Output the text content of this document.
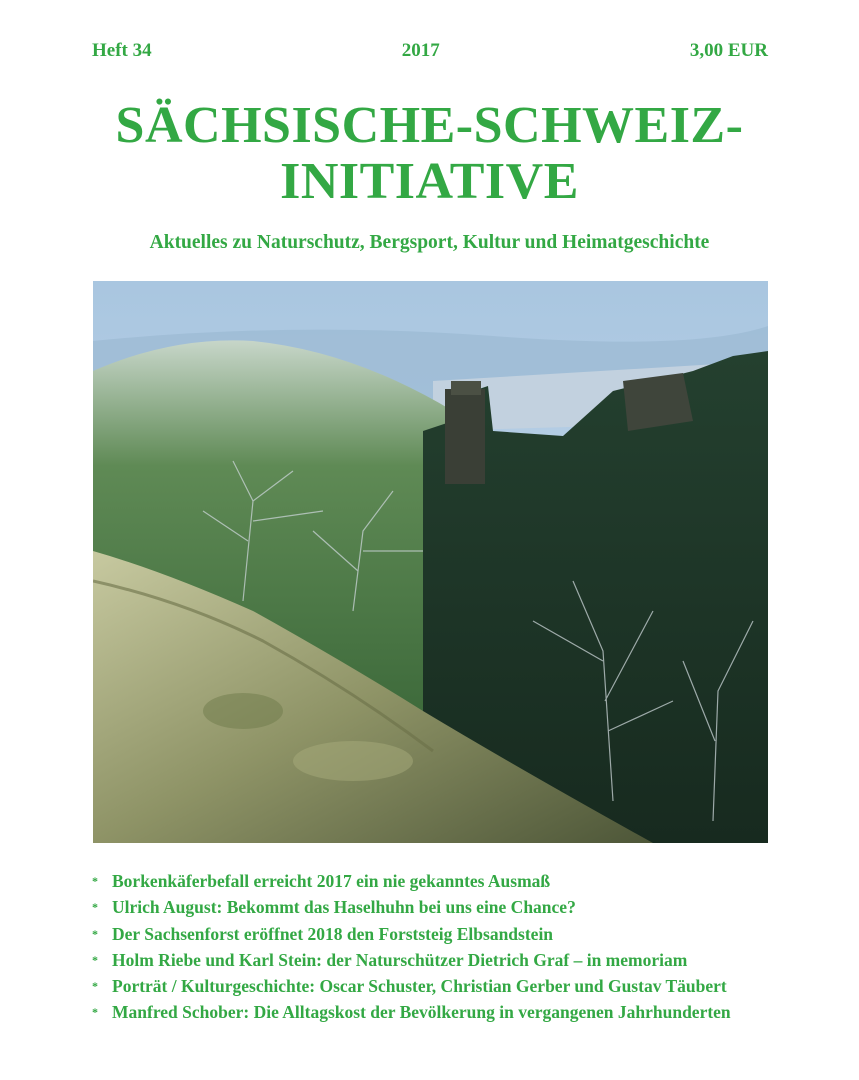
Heft 34	2017	3,00 EUR
SÄCHSISCHE-SCHWEIZ-
INITIATIVE
Aktuelles zu Naturschutz, Bergsport, Kultur und Heimatgeschichte
* Borkenkäferbefall erreicht 2017 ein nie gekanntes Ausmaß
* Ulrich August: Bekommt das Haselhuhn bei uns eine Chance?
* Der Sachsenforst eröffnet 2018 den Forststeig Elbsandstein
* Holm Riebe und Karl Stein: der Naturschützer Dietrich Graf – in memoriam
* Porträt / Kulturgeschichte: Oscar Schuster, Christian Gerber und Gustav Täubert
* Manfred Schober: Die Alltagskost der Bevölkerung in vergangenen Jahrhunderten
